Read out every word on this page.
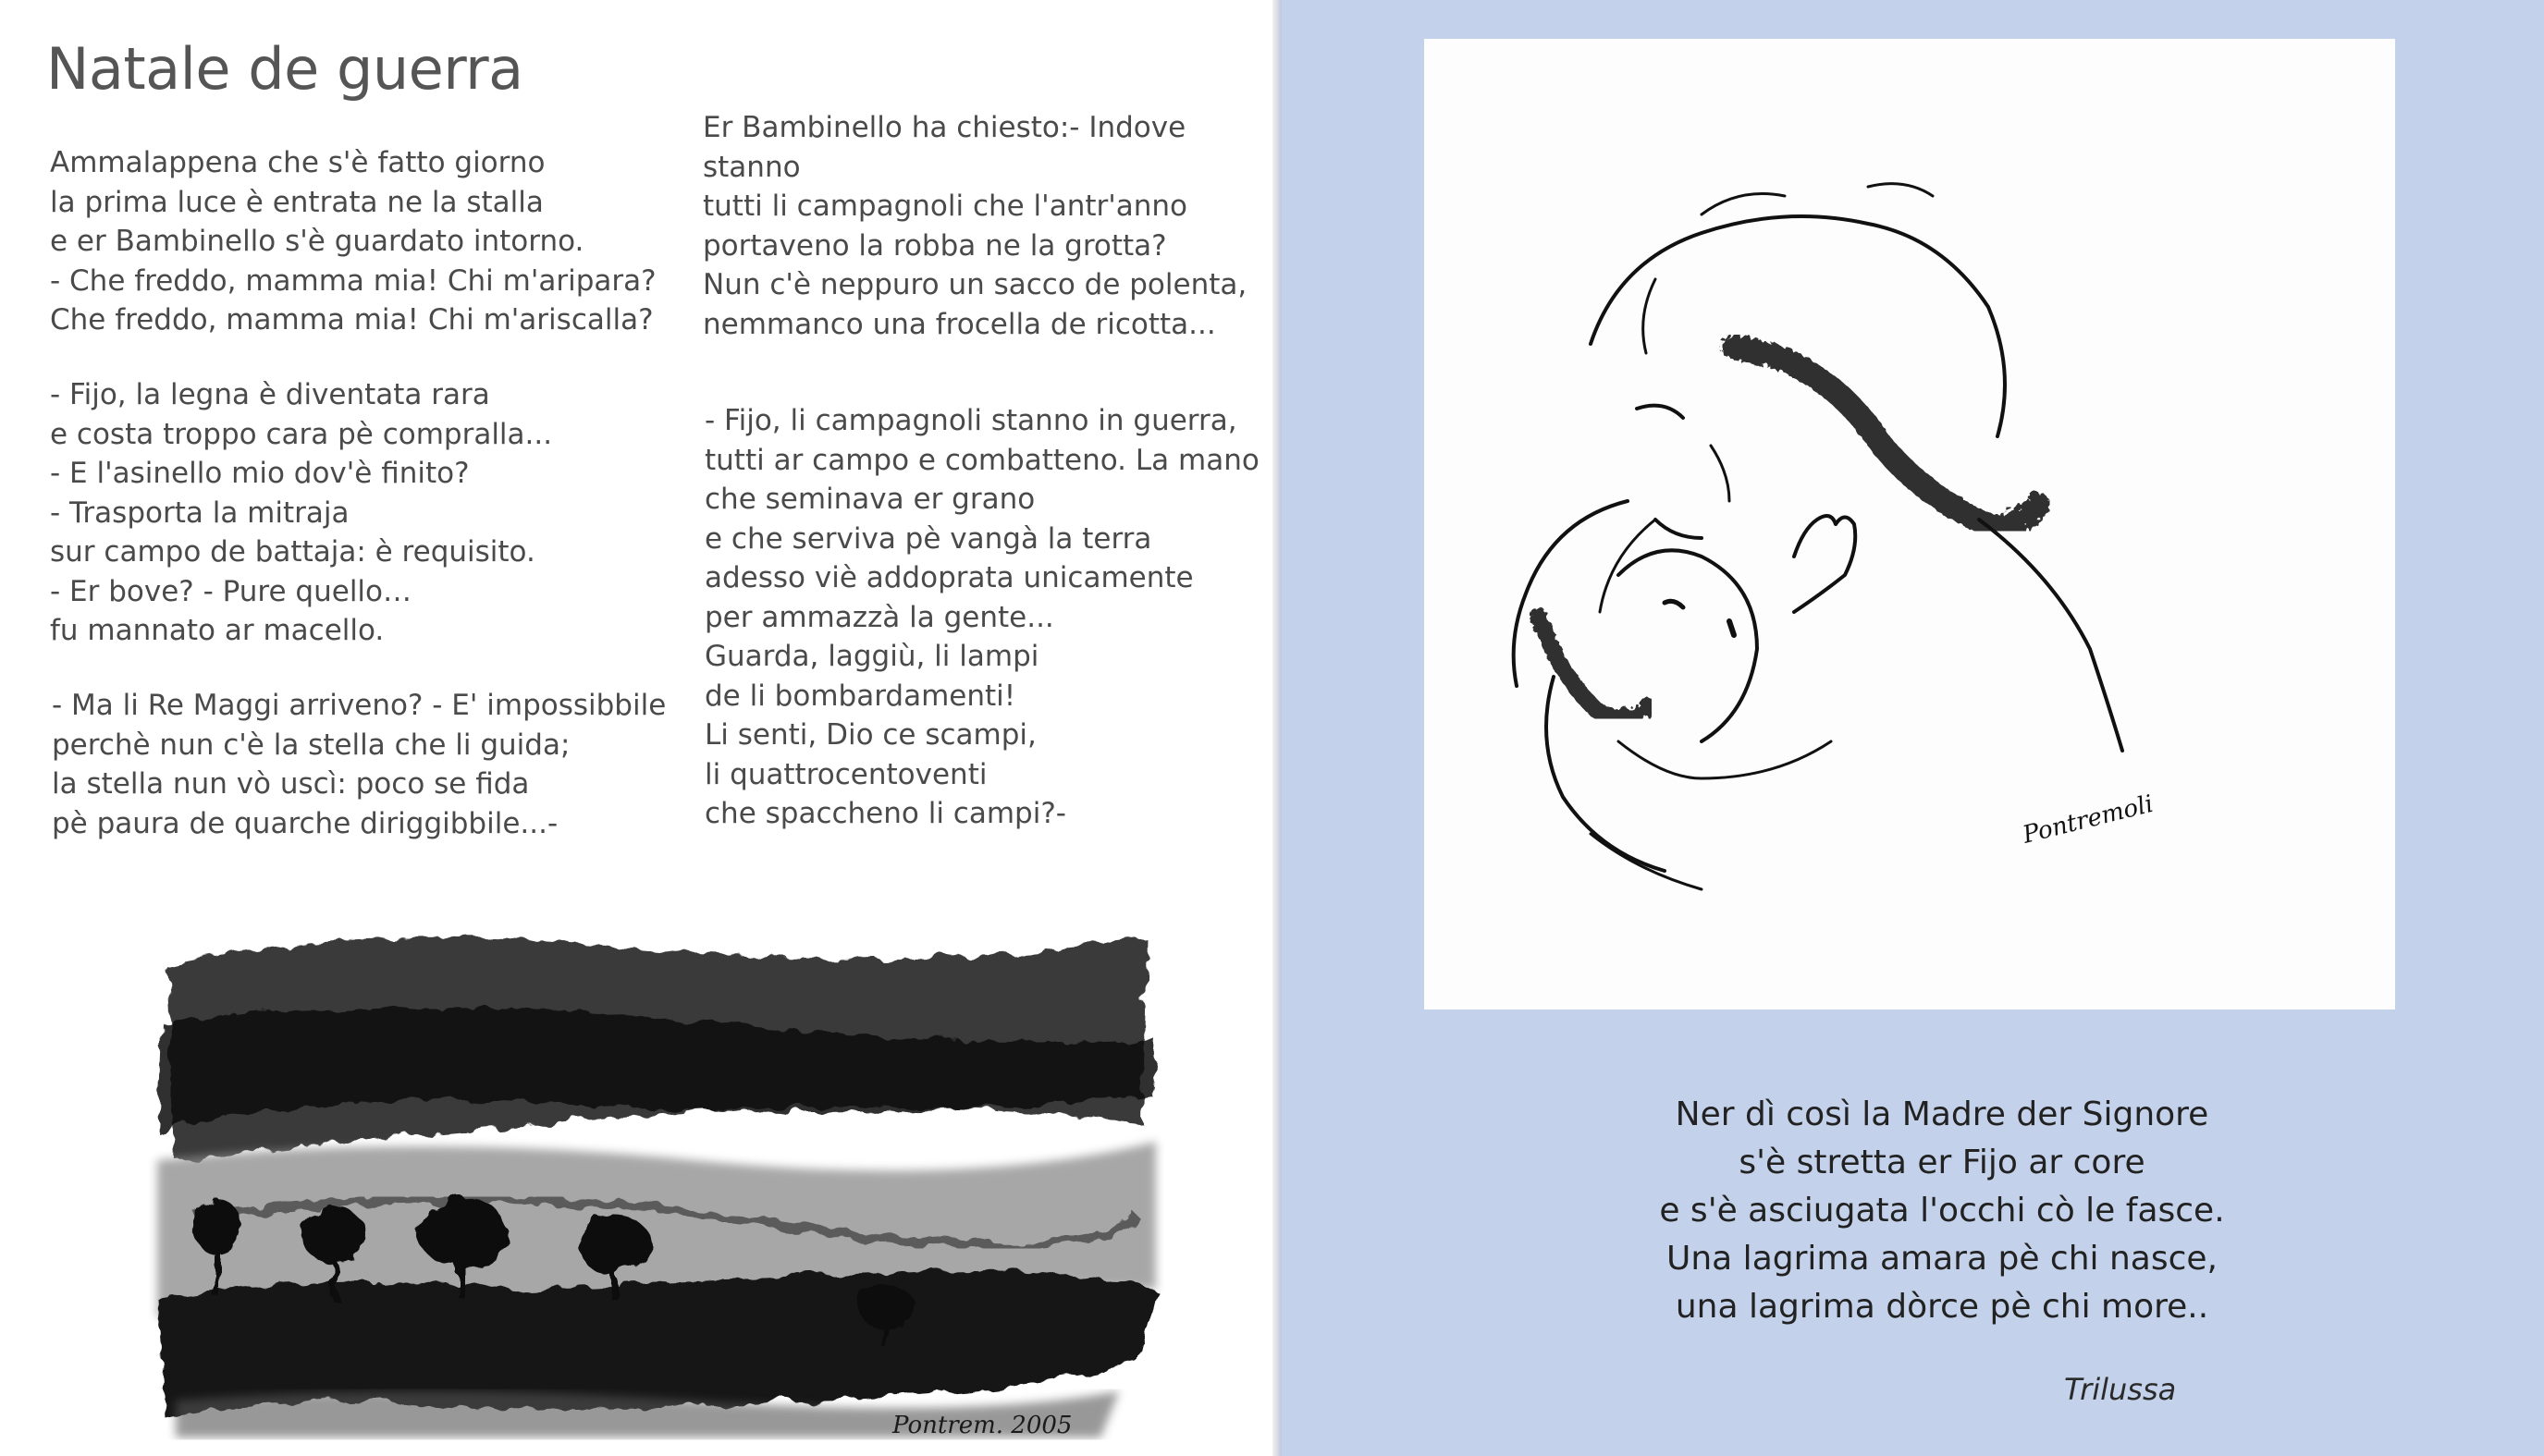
Natale de guerra
Ammalappena che s'è fatto giorno
la prima luce è entrata ne la stalla
e er Bambinello s'è guardato intorno.
- Che freddo, mamma mia! Chi m'aripara?
Che freddo, mamma mia! Chi m'ariscalla?
- Fijo, la legna è diventata rara
e costa troppo cara pè compralla...
- E l'asinello mio dov'è finito?
- Trasporta la mitraja
sur campo de battaja: è requisito.
- Er bove? - Pure quello…
fu mannato ar macello.
- Ma li Re Maggi arriveno? - E' impossibbile
perchè nun c'è la stella che li guida;
la stella nun vò uscì: poco se fida
pè paura de quarche diriggibbile...-
Er Bambinello ha chiesto:- Indove
stanno
tutti li campagnoli che l'antr'anno
portaveno la robba ne la grotta?
Nun c'è neppuro un sacco de polenta,
nemmanco una frocella de ricotta...
- Fijo, li campagnoli stanno in guerra,
tutti ar campo e combatteno. La mano
che seminava er grano
e che serviva pè vangà la terra
adesso viè addoprata unicamente
per ammazzà la gente...
Guarda, laggiù, li lampi
de li bombardamenti!
Li senti, Dio ce scampi,
li quattrocentoventi
che spaccheno li campi?-
Pontrem. 2005
Pontremoli
Ner dì così la Madre der Signore
s'è stretta er Fijo ar core
e s'è asciugata l'occhi cò le fasce.
Una lagrima amara pè chi nasce,
una lagrima dòrce pè chi more..

Trilussa
